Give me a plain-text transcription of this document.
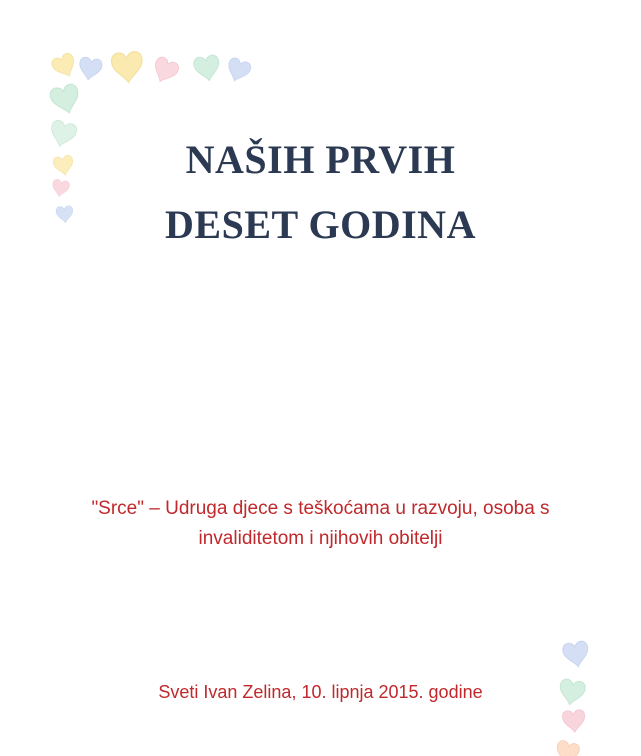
NAŠIH PRVIH
DESET GODINA
"Srce" – Udruga djece s teškoćama u razvoju, osoba s
invaliditetom i njihovih obitelji
Sveti Ivan Zelina, 10. lipnja 2015. godine
